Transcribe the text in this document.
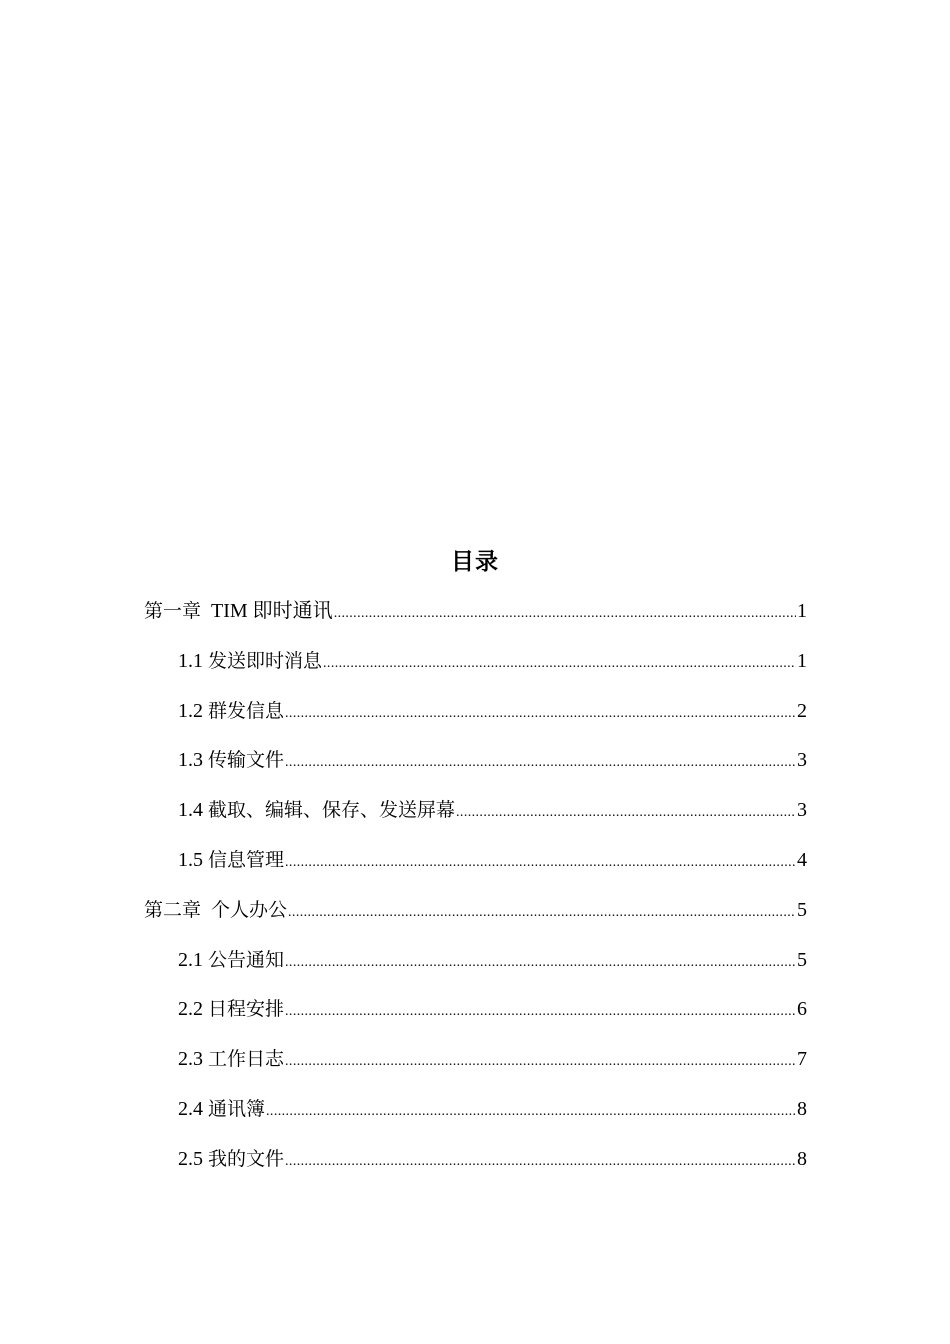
目录
第一章 TIM 即时通讯 .....	1
1.1 发送即时消息 .....	1
1.2 群发信息 .....	2
1.3 传输文件 .....	3
1.4 截取、编辑、保存、发送屏幕 .....	3
1.5 信息管理 .....	4
第二章 个人办公 .....	5
2.1 公告通知 .....	5
2.2 日程安排 .....	6
2.3 工作日志 .....	7
2.4 通讯簿 .....	8
2.5 我的文件 .....	8
